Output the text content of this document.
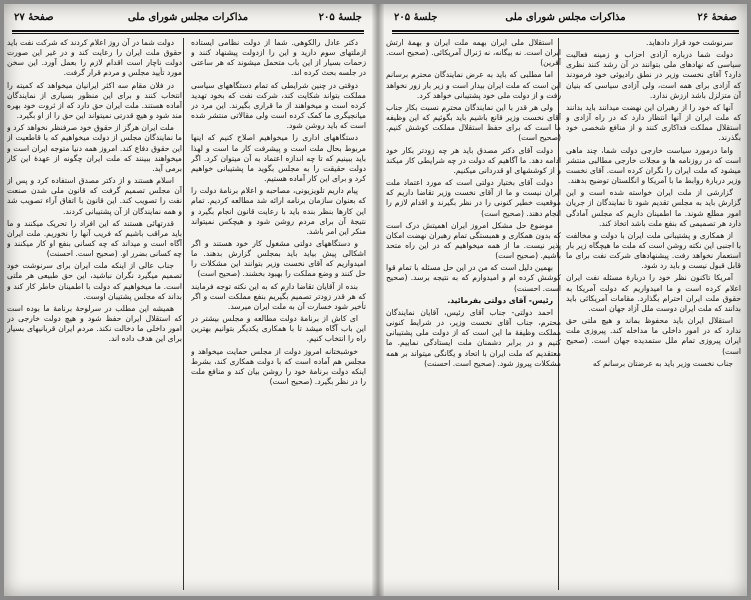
جلسهٔ ۲۰۵
مذاکرات مجلس شورای ملی
صفحهٔ ۲۷

دکتر عادل رالکوهی. شما از دولت نظامی ایستاده ازملتهای سوم دارید و این را ازدولت پیشنهاد کنند و زحمات بسیار از این باب متحمل میشوند که هر ساعتی در جلسه بحث کرده اند.

دوقتی در چنین شرایطی که تمام دستگاههای سیاسی مملکت بتواند شکایت کند، شرکت نفت که بخود تهدید کرده است و میخواهند از ما قراری بگیرند. این مرد در میانجیگری ما کمک کرده است ولی مقالاتی منتشر شده است که باید روشن شود.

دستگاههای اداری را میخواهیم اصلاح کنیم که اینها مربوط بحال ملت است و پیشرفت کار ما است و لهذا باید ببینیم که تا چه اندازه اعتماد به آن میتوان کرد. اگر دولت حقیقت را به مجلس بگوید ما پشتیبانی خواهیم کرد و برای این کار آماده هستیم.

پیام داریم تلویزیونی، مصاحبه و اعلام برنامهٔ دولت را که بعنوان سازمان برنامه ارائه شد مطالعه کردیم. تمام این کارها بنظر بنده باید با رعایت قانون انجام بگیرد و نتیجهٔ آن برای مردم روشن شود و هیچکس نمیتواند منکر این امر باشد.

و دستگاههای دولتی مشغول کار خود هستند و اگر اشکالی پیش بیاید باید بمجلس گزارش بدهند. ما امیدواریم که آقای نخست وزیر بتوانند این مشکلات را حل کنند و وضع مملکت را بهبود بخشند. (صحیح است)

بنده از آقایان تقاضا دارم که به این نکته توجه فرمایند که هر قدر زودتر تصمیم بگیریم بنفع مملکت است و اگر تأخیر شود خسارت آن به ملت ایران میرسد.

ای کاش از برنامهٔ دولت مطالعه و مجلس بیشتر در این باب آگاه میشد تا با همکاری یکدیگر بتوانیم بهترین راه را انتخاب کنیم.

خوشبختانه امروز دولت از مجلس حمایت میخواهد و مجلس هم آماده است که با دولت همکاری کند، بشرط اینکه دولت برنامهٔ خود را روشن بیان کند و منافع ملت را در نظر بگیرد. (صحیح است)

دولت شما در آن روز اعلام کردند که شرکت نفت باید حقوق ملت ایران را رعایت کند و در غیر این صورت دولت ناچار است اقدام لازم را بعمل آورد. این سخن مورد تأیید مجلس و مردم قرار گرفت.

در فلان مقام سه اکثر ایرانیان میخواهد که کمیته را انتخاب کنند و برای این منظور بسیاری از نمایندگان آماده هستند. ملت ایران حق دارد که از ثروت خود بهره مند شود و هیچ قدرتی نمیتواند این حق را از او بگیرد.

ملت ایران هرگز از حقوق خود صرفنظر نخواهد کرد و ما نمایندگان مجلس از دولت میخواهیم که با قاطعیت از این حقوق دفاع کند. امروز همه دنیا متوجه ایران است و میخواهند ببینند که ملت ایران چگونه از عهدهٔ این کار برمی آید.

اسلام هستند و از دکتر مصدق استفاده کرد و پس از آن مجلس تصمیم گرفت که قانون ملی شدن صنعت نفت را تصویب کند. این قانون با اتفاق آراء تصویب شد و همه نمایندگان از آن پشتیبانی کردند.

قدرتهائی هستند که این افراد را تحریک میکنند و ما باید مراقب باشیم که فریب آنها را نخوریم. ملت ایران آگاه است و میداند که چه کسانی بنفع او کار میکنند و چه کسانی بضرر او. (صحیح است. احسنت)

جناب عالی از اینکه ملت ایران برای سرنوشت خود تصمیم میگیرد نگران نباشید، این حق طبیعی هر ملتی است. ما میخواهیم که دولت با اطمینان خاطر کار کند و بداند که مجلس پشتیبان اوست.

همیشه این مطلب در سرلوحهٔ برنامهٔ ما بوده است که استقلال ایران حفظ شود و هیچ دولت خارجی در امور داخلی ما دخالت نکند. مردم ایران قربانیهای بسیار برای این هدف داده اند.

صفحهٔ ۲۶
مذاکرات مجلس شورای ملی
جلسهٔ ۲۰۵

سرنوشت خود قرار دادهاید.

دولت شما درباره آزادی احزاب و زمینه فعالیت سیاسی که نهادهای ملی بتوانند در آن رشد کنند نظری دارد؟ آقای نخست وزیر در نطق رادیوئی خود فرمودند که آزادی برای همه است، ولی آزادی سیاسی که بنیان آن متزلزل باشد ارزش ندارد.

آنها که خود را از رهبران این نهضت میدانند باید بدانند که ملت ایران از آنها انتظار دارد که در راه آزادی و استقلال مملکت فداکاری کنند و از منافع شخصی خود بگذرند.

واما درمورد سیاست خارجی دولت شما، چند ماهی است که در روزنامه ها و مجلات خارجی مطالبی منتشر میشود که ملت ایران را نگران کرده است. آقای نخست وزیر دربارهٔ روابط ما با آمریکا و انگلستان توضیح بدهند.

گزارشی از ملت ایران خواسته شده است و این گزارش باید به مجلس تقدیم شود تا نمایندگان از جریان امور مطلع شوند. ما اطمینان داریم که مجلس آمادگی دارد هر تصمیمی که بنفع ملت باشد اتخاذ کند.

از همکاری و پشتیبانی ملت ایران با دولت و مخالفت با اجنبی این نکته روشن است که ملت ما هیچگاه زیر بار استعمار نخواهد رفت. پیشنهادهای شرکت نفت برای ما قابل قبول نیست و باید رد شود.

آمریکا تاکنون نظر خود را دربارهٔ مسئله نفت ایران اعلام کرده است و ما امیدواریم که دولت آمریکا به حقوق ملت ایران احترام بگذارد. مقامات آمریکائی باید بدانند که ملت ایران دوست ملل آزاد جهان است.

استقلال ایران باید محفوظ بماند و هیچ ملتی حق ندارد که در امور داخلی ما مداخله کند. پیروزی ملت ایران پیروزی تمام ملل ستمدیده جهان است. (صحیح است)

جناب نخست وزیر باید به عرضتان برسانم که

استقلال ملی ایران بهمه ملت ایران و بهمهٔ ارتش ایران است. نه بیگانه، نه ژنرال آمریکائی. (صحیح است. آفرین)

اما مطلبی که باید به عرض نمایندگان محترم برسانم این است که ملت ایران بیدار است و زیر بار زور نخواهد رفت و از دولت ملی خود پشتیبانی خواهد کرد.

ولی هر قدر با این نمایندگان محترم نسبت بکار جناب آقای نخست وزیر قانع باشیم باید بگوئیم که این وظیفه ما است که برای حفظ استقلال مملکت کوشش کنیم. (صحیح است)

دولت آقای دکتر مصدق باید هر چه زودتر بکار خود ادامه دهد. ما آگاهیم که دولت در چه شرایطی کار میکند و از کوششهای او قدردانی میکنیم.

دولت آقای بختیار دولتی است که مورد اعتماد ملت ایران نیست و ما از آقای نخست وزیر تقاضا داریم که موقعیت خطیر کنونی را در نظر بگیرند و اقدام لازم را انجام دهند. (صحیح است)

موضوع حل مشکل امروز ایران اهمیتش درک است که بدون همکاری و همبستگی تمام رهبران نهضت امکان پذیر نیست. ما از همه میخواهیم که در این راه متحد باشیم. (صحیح است)

بهمین دلیل است که من در این حل مسئله با تمام قوا کوشش کرده ام و امیدوارم که به نتیجه برسد. (صحیح است. احسنت)

رئیس- آقای دولتی بفرمائید.

احمد دولتی- جناب آقای رئیس، آقایان نمایندگان محترم، جناب آقای نخست وزیر، در شرایط کنونی مملکت وظیفهٔ ما این است که از دولت ملی پشتیبانی کنیم و در برابر دشمنان ملت ایستادگی نماییم. ما معتقدیم که ملت ایران با اتحاد و یگانگی میتواند بر همه مشکلات پیروز شود. (صحیح است. احسنت)
